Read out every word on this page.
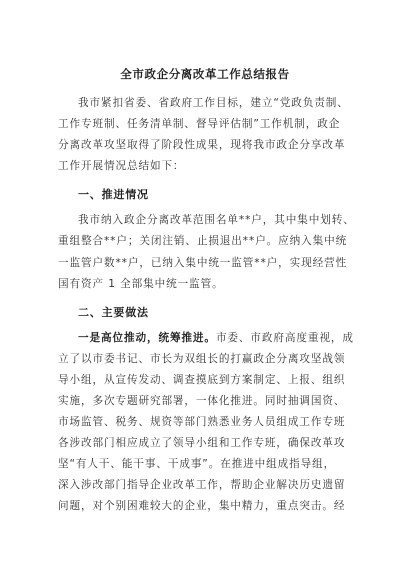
全市政企分离改革工作总结报告
我市紧扣省委、省政府工作目标，建立“党政负责制、
工作专班制、任务清单制、督导评估制”工作机制，政企
分离改革攻坚取得了阶段性成果，现将我市政企分享改革
工作开展情况总结如下：
一、推进情况
我市纳入政企分离改革范围名单**户，其中集中划转、
重组整合**户；关闭注销、止损退出**户。应纳入集中统
一监管户数**户，已纳入集中统一监管**户，实现经营性
国有资产 1 全部集中统一监管。
二、主要做法
一是高位推动，统筹推进。市委、市政府高度重视，成
立了以市委书记、市长为双组长的打赢政企分离攻坚战领
导小组，从宣传发动、调查摸底到方案制定、上报、组织
实施，多次专题研究部署，一体化推进。同时抽调国资、
市场监管、税务、规资等部门熟悉业务人员组成工作专班
各涉改部门相应成立了领导小组和工作专班，确保改革攻
坚“有人干、能干事、干成事”。在推进中组成指导组，
深入涉改部门指导企业改革工作，帮助企业解决历史遗留
问题，对个别困难较大的企业，集中精力，重点突击。经
